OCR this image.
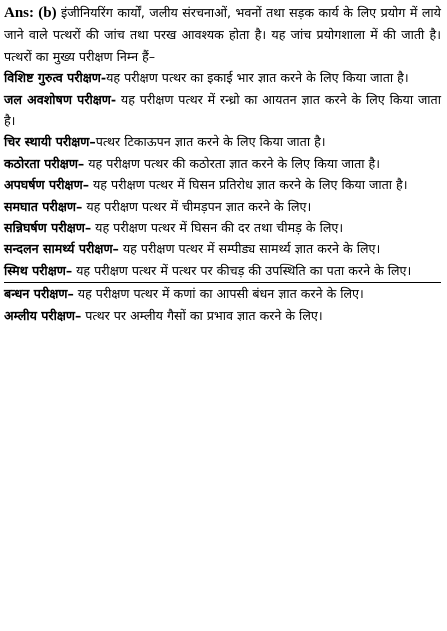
Ans: (b) इंजीनियरिंग कार्यों, जलीय संरचनाओं, भवनों तथा सड़क कार्य के लिए प्रयोग में लाये जाने वाले पत्थरों की जांच तथा परख आवश्यक होता है। यह जांच प्रयोगशाला में की जाती है। पत्थरों का मुख्य परीक्षण निम्न हैं–

विशिष्ट गुरुत्व परीक्षण-यह परीक्षण पत्थर का इकाई भार ज्ञात करने के लिए किया जाता है।

जल अवशोषण परीक्षण- यह परीक्षण पत्थर में रन्ध्रो का आयतन ज्ञात करने के लिए किया जाता है।

चिर स्थायी परीक्षण–पत्थर टिकाऊपन ज्ञात करने के लिए किया जाता है।

कठोरता परीक्षण– यह परीक्षण पत्थर की कठोरता ज्ञात करने के लिए किया जाता है।

अपघर्षण परीक्षण– यह परीक्षण पत्थर में घिसन प्रतिरोध ज्ञात करने के लिए किया जाता है।

समघात परीक्षण– यह परीक्षण पत्थर में चीमड़पन ज्ञात करने के लिए।

सन्निघर्षण परीक्षण– यह परीक्षण पत्थर में घिसन की दर तथा चीमड़ के लिए।

सन्दलन सामर्थ्य परीक्षण– यह परीक्षण पत्थर में सम्पीड्य सामर्थ्य ज्ञात करने के लिए।

स्मिथ परीक्षण– यह परीक्षण पत्थर में पत्थर पर कीचड़ की उपस्थिति का पता करने के लिए।

बन्धन परीक्षण– यह परीक्षण पत्थर में कणां का आपसी बंधन ज्ञात करने के लिए।

अम्लीय परीक्षण– पत्थर पर अम्लीय गैसों का प्रभाव ज्ञात करने के लिए।
